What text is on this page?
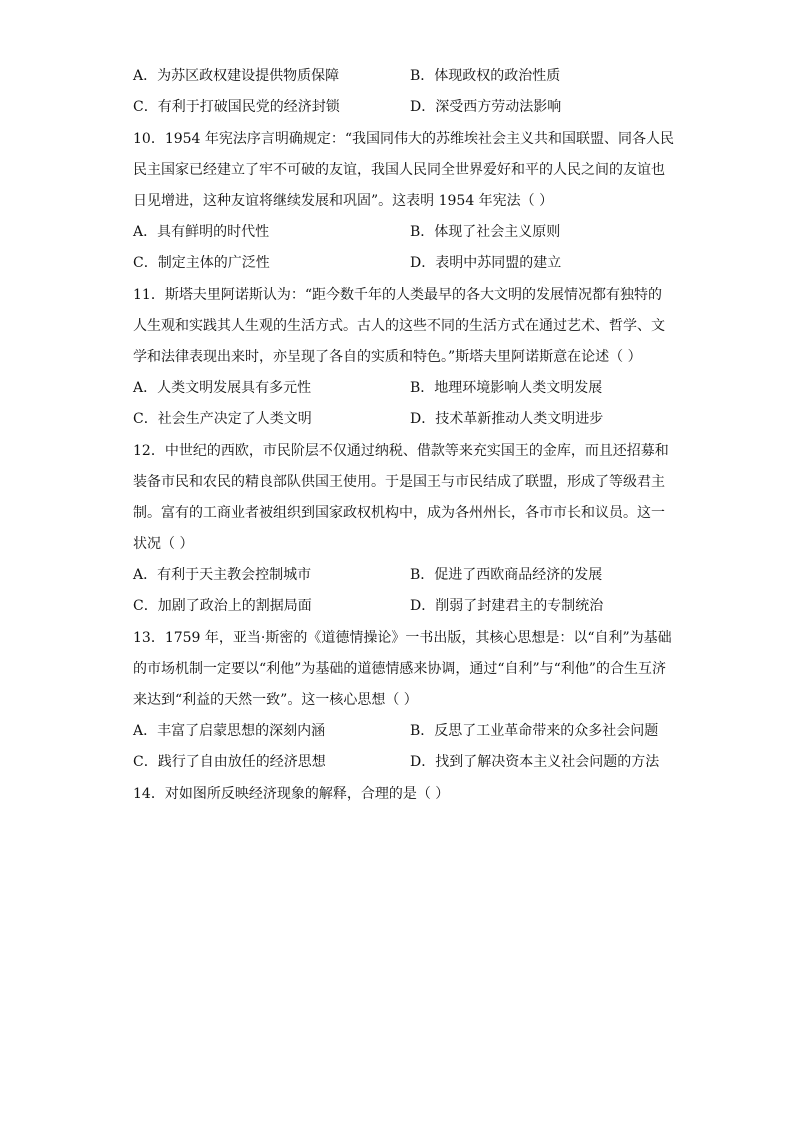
A．为苏区政权建设提供物质保障	B．体现政权的政治性质
C．有利于打破国民党的经济封锁	D．深受西方劳动法影响
10．1954 年宪法序言明确规定：“我国同伟大的苏维埃社会主义共和国联盟、同各人民
民主国家已经建立了牢不可破的友谊，我国人民同全世界爱好和平的人民之间的友谊也
日见增进，这种友谊将继续发展和巩固”。这表明 1954 年宪法（ ）
A．具有鲜明的时代性	B．体现了社会主义原则
C．制定主体的广泛性	D．表明中苏同盟的建立
11．斯塔夫里阿诺斯认为：“距今数千年的人类最早的各大文明的发展情况都有独特的
人生观和实践其人生观的生活方式。古人的这些不同的生活方式在通过艺术、哲学、文
学和法律表现出来时，亦呈现了各自的实质和特色。”斯塔夫里阿诺斯意在论述（ ）
A．人类文明发展具有多元性	B．地理环境影响人类文明发展
C．社会生产决定了人类文明	D．技术革新推动人类文明进步
12．中世纪的西欧，市民阶层不仅通过纳税、借款等来充实国王的金库，而且还招募和
装备市民和农民的精良部队供国王使用。于是国王与市民结成了联盟，形成了等级君主
制。富有的工商业者被组织到国家政权机构中，成为各州州长，各市市长和议员。这一
状况（ ）
A．有利于天主教会控制城市	B．促进了西欧商品经济的发展
C．加剧了政治上的割据局面	D．削弱了封建君主的专制统治
13．1759 年，亚当·斯密的《道德情操论》一书出版，其核心思想是：以“自利”为基础
的市场机制一定要以“利他”为基础的道德情感来协调，通过“自利”与“利他”的合生互济
来达到“利益的天然一致”。这一核心思想（ ）
A．丰富了启蒙思想的深刻内涵	B．反思了工业革命带来的众多社会问题
C．践行了自由放任的经济思想	D．找到了解决资本主义社会问题的方法
14．对如图所反映经济现象的解释，合理的是（ ）
